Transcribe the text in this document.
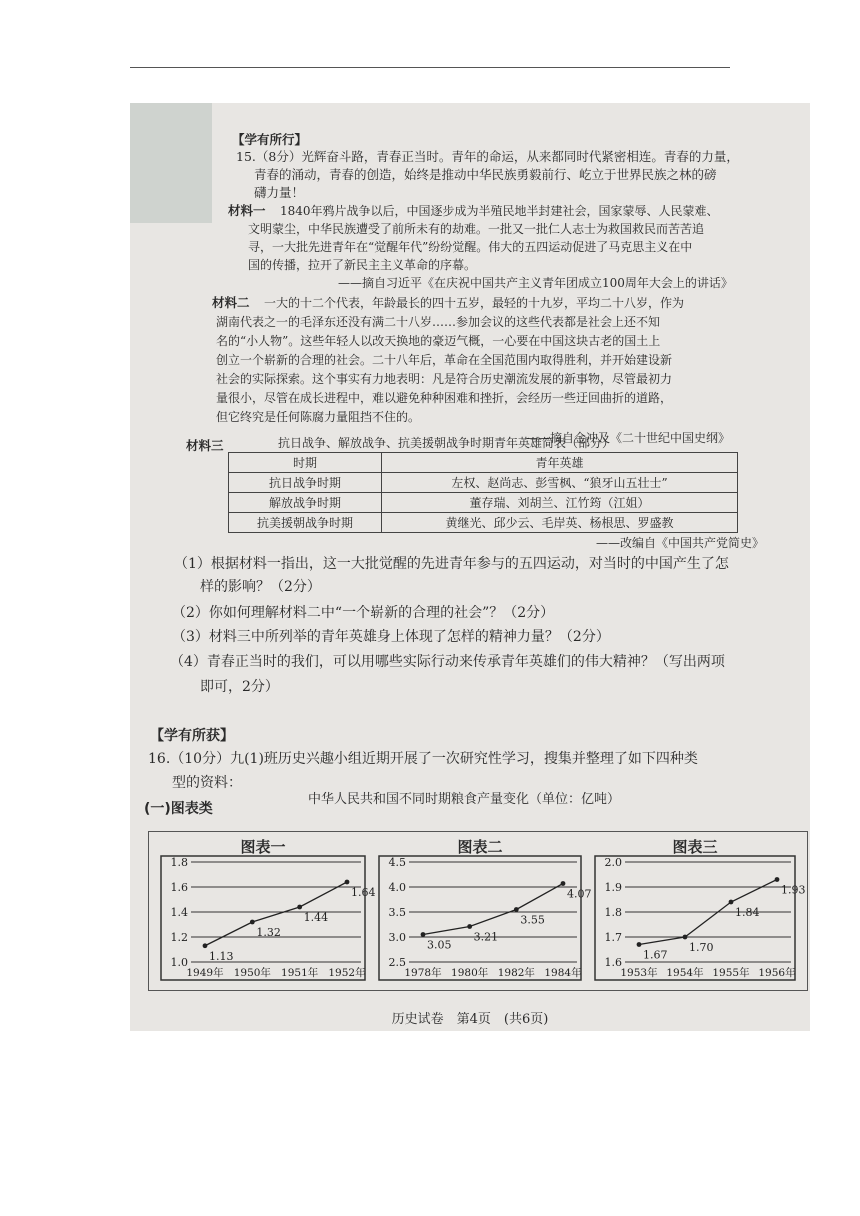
【学有所行】
15.（8分）光辉奋斗路，青春正当时。青年的命运，从来都同时代紧密相连。青春的力量，
青春的涌动，青春的创造，始终是推动中华民族勇毅前行、屹立于世界民族之林的磅
礴力量！
材料一 1840年鸦片战争以后，中国逐步成为半殖民地半封建社会，国家蒙辱、人民蒙难、
文明蒙尘，中华民族遭受了前所未有的劫难。一批又一批仁人志士为救国救民而苦苦追
寻，一大批先进青年在“觉醒年代”纷纷觉醒。伟大的五四运动促进了马克思主义在中
国的传播，拉开了新民主主义革命的序幕。
——摘自习近平《在庆祝中国共产主义青年团成立100周年大会上的讲话》
材料二 一大的十二个代表，年龄最长的四十五岁，最轻的十九岁，平均二十八岁，作为
湖南代表之一的毛泽东还没有满二十八岁……参加会议的这些代表都是社会上还不知
名的“小人物”。这些年轻人以改天换地的豪迈气概，一心要在中国这块古老的国土上
创立一个崭新的合理的社会。二十八年后，革命在全国范围内取得胜利，并开始建设新
社会的实际探索。这个事实有力地表明：凡是符合历史潮流发展的新事物，尽管最初力
量很小，尽管在成长进程中，难以避免种种困难和挫折，会经历一些迂回曲折的道路，
但它终究是任何陈腐力量阻挡不住的。
——摘自金冲及《二十世纪中国史纲》
材料三	抗日战争、解放战争、抗美援朝战争时期青年英雄简表（部分）
时期	青年英雄
抗日战争时期	左权、赵尚志、彭雪枫、“狼牙山五壮士”
解放战争时期	董存瑞、刘胡兰、江竹筠（江姐）
抗美援朝战争时期	黄继光、邱少云、毛岸英、杨根思、罗盛教
——改编自《中国共产党简史》
（1）根据材料一指出，这一大批觉醒的先进青年参与的五四运动，对当时的中国产生了怎
样的影响？（2分）
（2）你如何理解材料二中“一个崭新的合理的社会”？（2分）
（3）材料三中所列举的青年英雄身上体现了怎样的精神力量？（2分）
（4）青春正当时的我们，可以用哪些实际行动来传承青年英雄们的伟大精神？（写出两项
即可，2分）
【学有所获】
16.（10分）九(1)班历史兴趣小组近期开展了一次研究性学习，搜集并整理了如下四种类
型的资料：
(一)图表类
中华人民共和国不同时期粮食产量变化（单位：亿吨）
图表一
1.0
1.2
1.4
1.6
1.8
1949年 1950年 1951年 1952年
1.13
1.32
1.44
1.64
图表二
2.5
3.0
3.5
4.0
4.5
1978年 1980年 1982年 1984年
3.05
3.21
3.55
4.07
图表三
1.6
1.7
1.8
1.9
2.0
1953年 1954年 1955年 1956年
1.67
1.70
1.84
1.93
历史试卷　第4页　(共6页)
